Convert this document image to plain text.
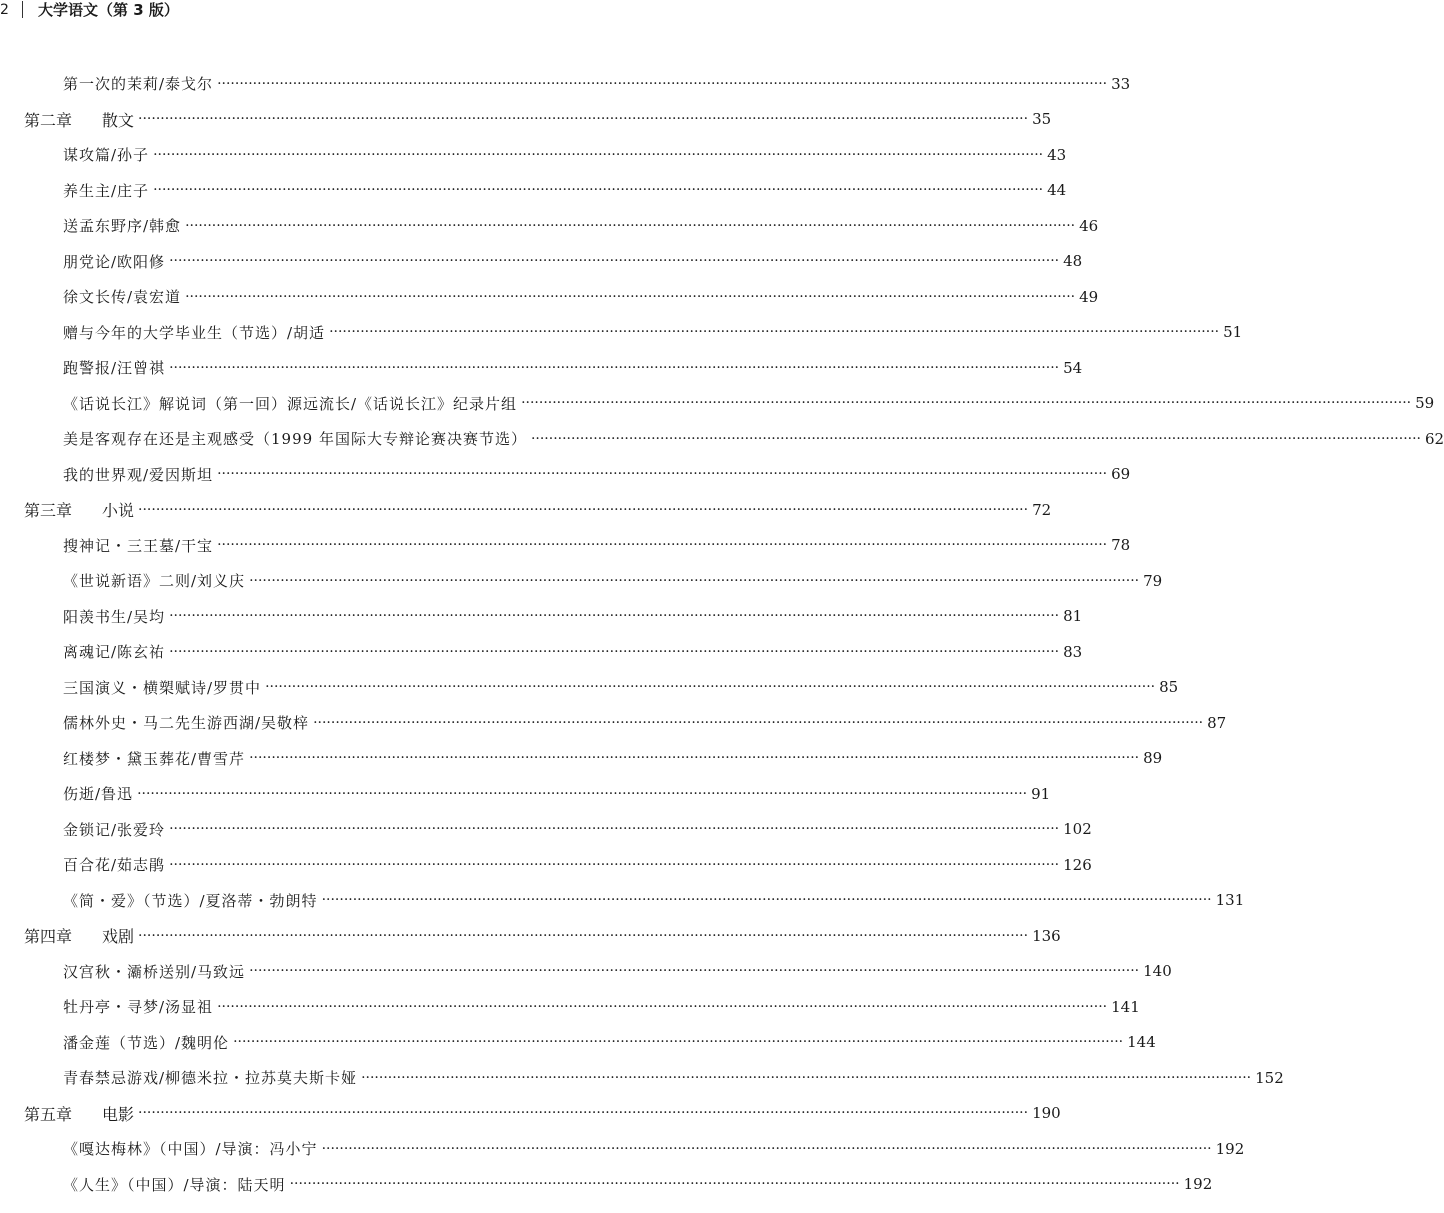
2 大学语文（第 3 版）
第一次的茉莉/泰戈尔 ········································································································································································································ 33
第二章 散文 ········································································································································································································ 35
谋攻篇/孙子 ········································································································································································································ 43
养生主/庄子 ········································································································································································································ 44
送孟东野序/韩愈 ········································································································································································································ 46
朋党论/欧阳修 ········································································································································································································ 48
徐文长传/袁宏道 ········································································································································································································ 49
赠与今年的大学毕业生（节选）/胡适 ········································································································································································································ 51
跑警报/汪曾祺 ········································································································································································································ 54
《话说长江》解说词（第一回）源远流长/《话说长江》纪录片组 ········································································································································································································ 59
美是客观存在还是主观感受（1999 年国际大专辩论赛决赛节选） ········································································································································································································ 62
我的世界观/爱因斯坦 ········································································································································································································ 69
第三章 小说 ········································································································································································································ 72
搜神记・三王墓/干宝 ········································································································································································································ 78
《世说新语》二则/刘义庆 ········································································································································································································ 79
阳羡书生/吴均 ········································································································································································································ 81
离魂记/陈玄祐 ········································································································································································································ 83
三国演义・横槊赋诗/罗贯中 ········································································································································································································ 85
儒林外史・马二先生游西湖/吴敬梓 ········································································································································································································ 87
红楼梦・黛玉葬花/曹雪芹 ········································································································································································································ 89
伤逝/鲁迅 ········································································································································································································ 91
金锁记/张爱玲 ········································································································································································································ 102
百合花/茹志鹃 ········································································································································································································ 126
《简・爱》（节选）/夏洛蒂・勃朗特 ········································································································································································································ 131
第四章 戏剧 ········································································································································································································ 136
汉宫秋・灞桥送别/马致远 ········································································································································································································ 140
牡丹亭・寻梦/汤显祖 ········································································································································································································ 141
潘金莲（节选）/魏明伦 ········································································································································································································ 144
青春禁忌游戏/柳德米拉・拉苏莫夫斯卡娅 ········································································································································································································ 152
第五章 电影 ········································································································································································································ 190
《嘎达梅林》（中国）/导演：冯小宁 ········································································································································································································ 192
《人生》（中国）/导演：陆天明 ········································································································································································································ 192
